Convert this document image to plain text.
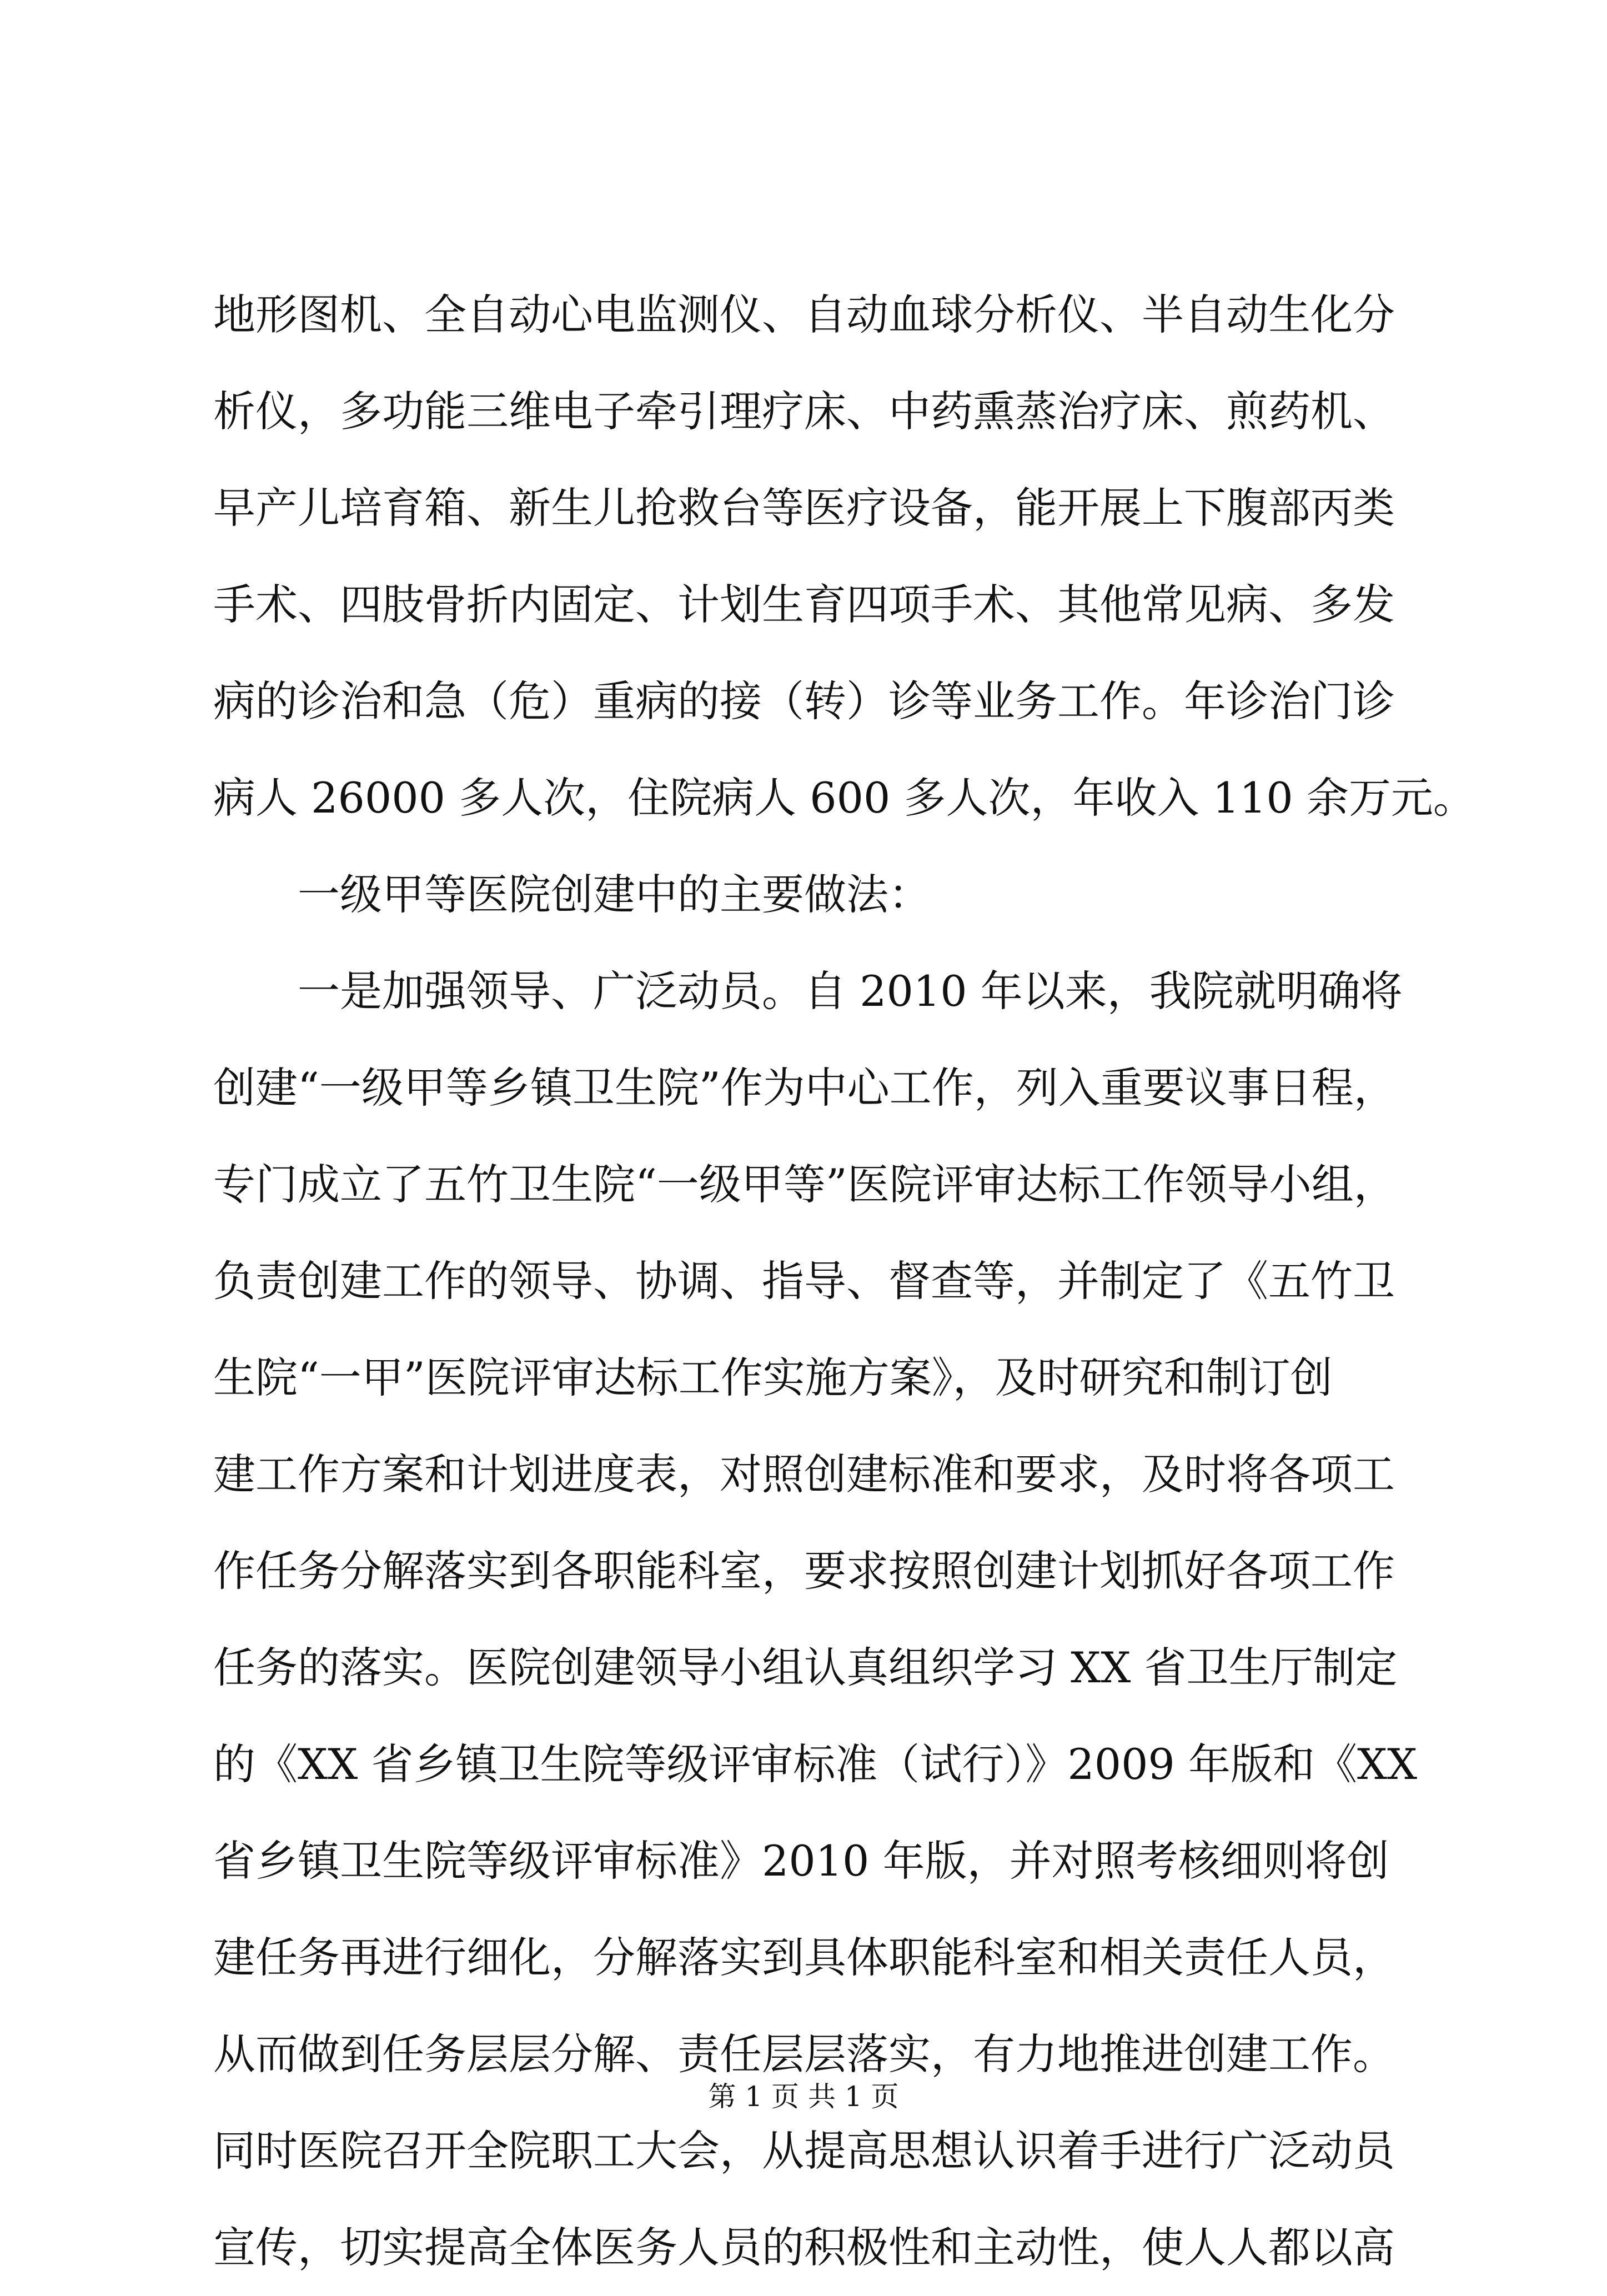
地形图机、全自动心电监测仪、自动血球分析仪、半自动生化分
析仪，多功能三维电子牵引理疗床、中药熏蒸治疗床、煎药机、
早产儿培育箱、新生儿抢救台等医疗设备，能开展上下腹部丙类
手术、四肢骨折内固定、计划生育四项手术、其他常见病、多发
病的诊治和急（危）重病的接（转）诊等业务工作。年诊治门诊
病人 26000 多人次，住院病人 600 多人次，年收入 110 余万元。
一级甲等医院创建中的主要做法：
一是加强领导、广泛动员。自 2010 年以来，我院就明确将
创建“一级甲等乡镇卫生院”作为中心工作，列入重要议事日程，
专门成立了五竹卫生院“一级甲等”医院评审达标工作领导小组，
负责创建工作的领导、协调、指导、督查等，并制定了《五竹卫
生院“一甲”医院评审达标工作实施方案》，及时研究和制订创
建工作方案和计划进度表，对照创建标准和要求，及时将各项工
作任务分解落实到各职能科室，要求按照创建计划抓好各项工作
任务的落实。医院创建领导小组认真组织学习 XX 省卫生厅制定
的《XX 省乡镇卫生院等级评审标准（试行）》2009 年版和《XX
省乡镇卫生院等级评审标准》2010 年版，并对照考核细则将创
建任务再进行细化，分解落实到具体职能科室和相关责任人员，
从而做到任务层层分解、责任层层落实，有力地推进创建工作。
同时医院召开全院职工大会，从提高思想认识着手进行广泛动员
宣传，切实提高全体医务人员的积极性和主动性，使人人都以高
第 1 页 共 1 页
